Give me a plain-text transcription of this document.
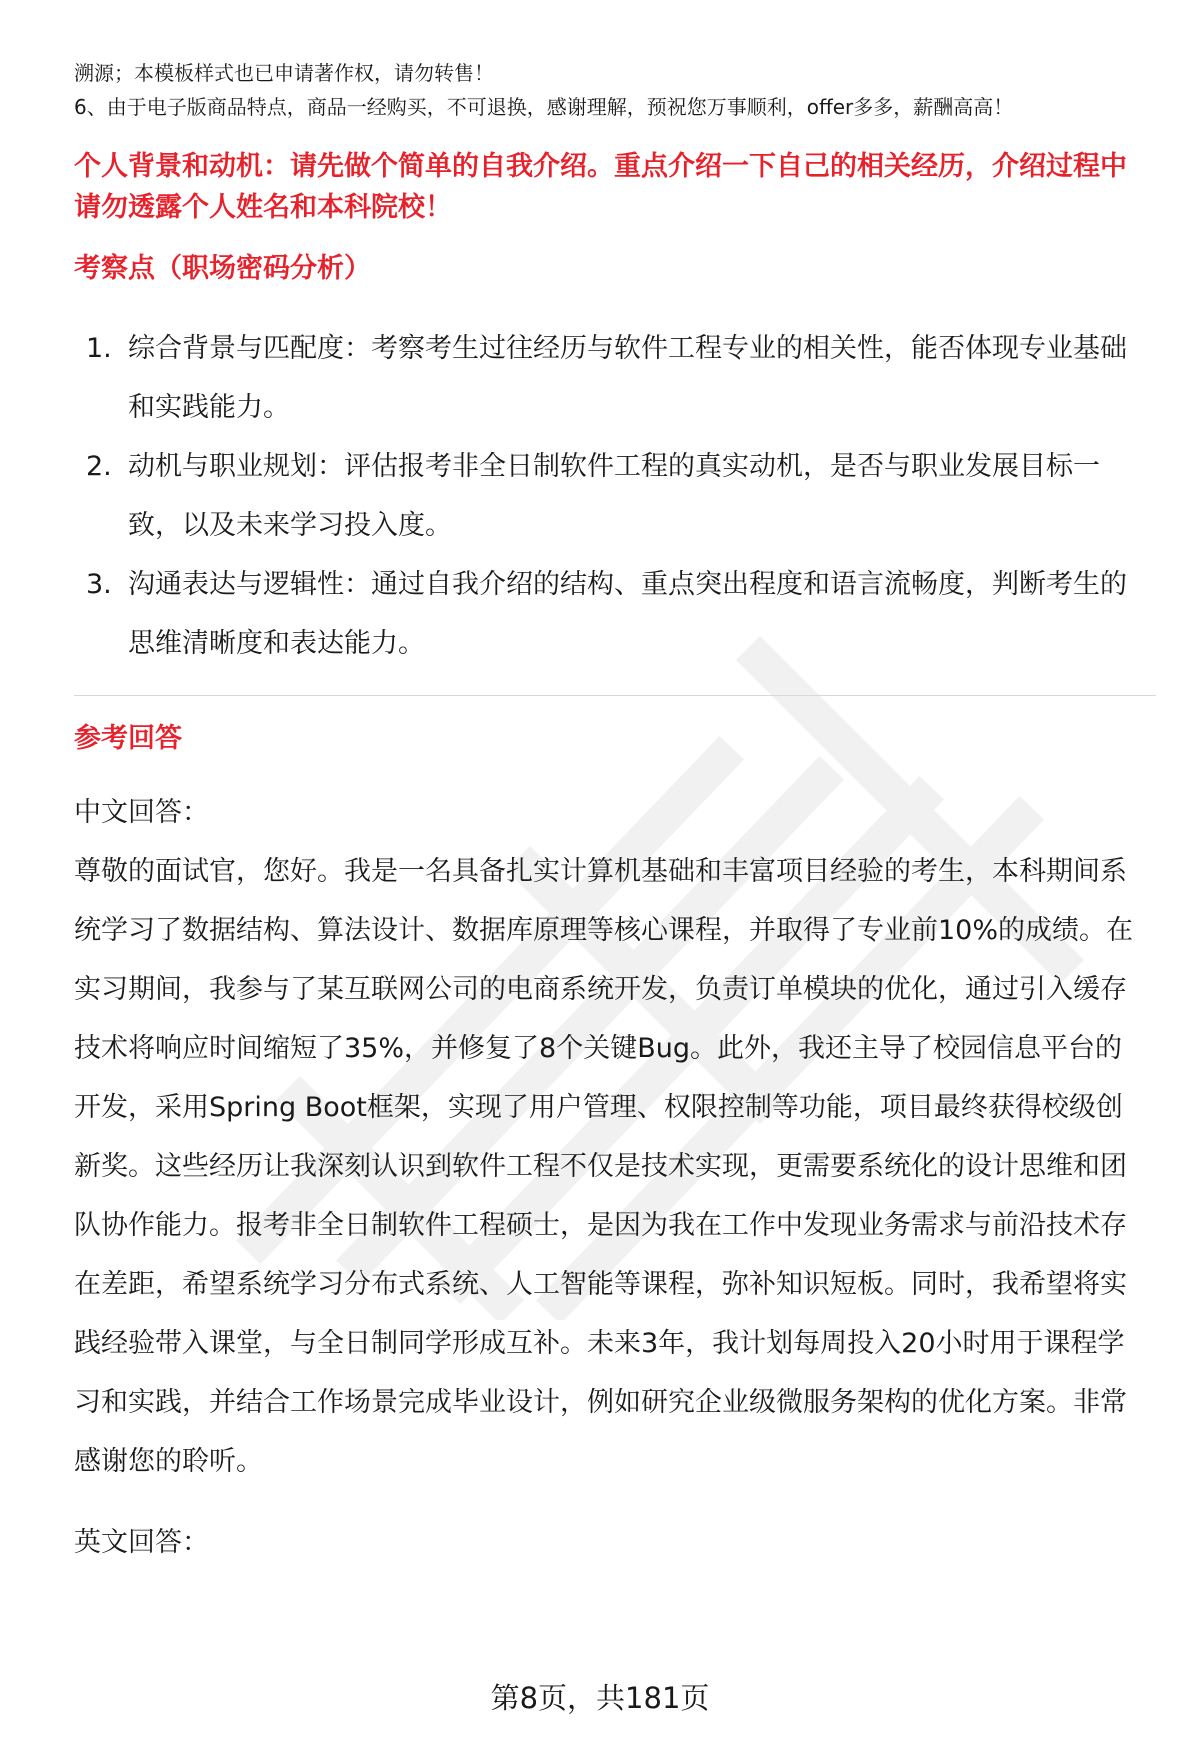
溯源；本模板样式也已申请著作权，请勿转售！

6、由于电子版商品特点，商品一经购买，不可退换，感谢理解，预祝您万事顺利，offer多多，薪酬高高！

个人背景和动机：请先做个简单的自我介绍。重点介绍一下自己的相关经历，介绍过程中请勿透露个人姓名和本科院校！

考察点（职场密码分析）

1. 综合背景与匹配度：考察考生过往经历与软件工程专业的相关性，能否体现专业基础和实践能力。
2. 动机与职业规划：评估报考非全日制软件工程的真实动机，是否与职业发展目标一致，以及未来学习投入度。
3. 沟通表达与逻辑性：通过自我介绍的结构、重点突出程度和语言流畅度，判断考生的思维清晰度和表达能力。

参考回答

中文回答：

尊敬的面试官，您好。我是一名具备扎实计算机基础和丰富项目经验的考生，本科期间系统学习了数据结构、算法设计、数据库原理等核心课程，并取得了专业前10%的成绩。在实习期间，我参与了某互联网公司的电商系统开发，负责订单模块的优化，通过引入缓存技术将响应时间缩短了35%，并修复了8个关键Bug。此外，我还主导了校园信息平台的开发，采用Spring Boot框架，实现了用户管理、权限控制等功能，项目最终获得校级创新奖。这些经历让我深刻认识到软件工程不仅是技术实现，更需要系统化的设计思维和团队协作能力。报考非全日制软件工程硕士，是因为我在工作中发现业务需求与前沿技术存在差距，希望系统学习分布式系统、人工智能等课程，弥补知识短板。同时，我希望将实践经验带入课堂，与全日制同学形成互补。未来3年，我计划每周投入20小时用于课程学习和实践，并结合工作场景完成毕业设计，例如研究企业级微服务架构的优化方案。非常感谢您的聆听。

英文回答：

第8页，共181页
